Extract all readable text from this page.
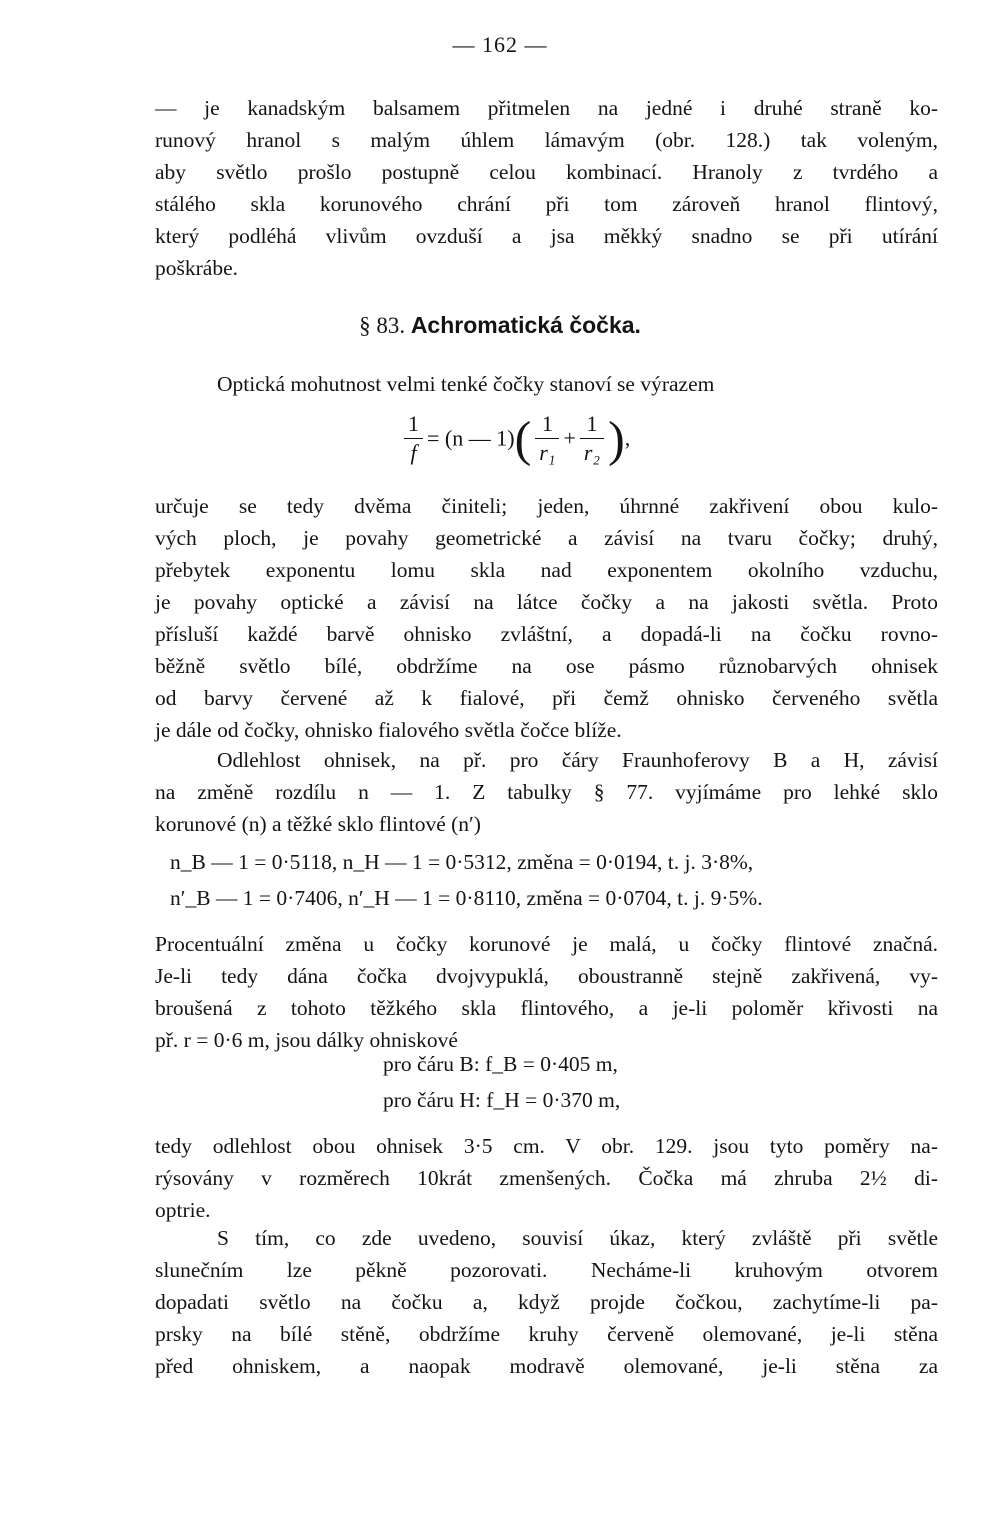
— 162 —
— je kanadským balsamem přitmelen na jedné i druhé straně ko-
runový hranol s malým úhlem lámavým (obr. 128.) tak voleným,
aby světlo prošlo postupně celou kombinací. Hranoly z tvrdého a
stálého skla korunového chrání při tom zároveň hranol flintový,
který podléhá vlivům ovzduší a jsa měkký snadno se při utírání
poškrábe.
§ 83. Achromatická čočka.
Optická mohutnost velmi tenké čočky stanoví se výrazem
$\frac{1}{f} = (n$ — $1)( \frac{1}{\text{r₁}} + \frac{1}{\text{r₂}}$ ),
určuje se tedy dvěma činiteli; jeden, úhrnné zakřivení obou kulo-
vých ploch, je povahy geometrické a závisí na tvaru čočky; druhý,
přebytek exponentu lomu skla nad exponentem okolního vzduchu,
je povahy optické a závisí na látce čočky a na jakosti světla. Proto
přísluší každé barvě ohnisko zvláštní, a dopadá-li na čočku rovno-
běžně světlo bílé, obdržíme na ose pásmo různobarvých ohnisek
od barvy červené až k fialové, při čemž ohnisko červeného světla
je dále od čočky, ohnisko fialového světla čočce blíže.
Odlehlost ohnisek, na př. pro čáry Fraunhoferovy B a H, závisí
na změně rozdílu n — 1. Z tabulky § 77. vyjímáme pro lehké sklo
korunové (n) a těžké sklo flintové (n′)
n_B — 1 = 0·5118, n_H — 1 = 0·5312, změna = 0·0194, t. j. 3·8%,
n′_B — 1 = 0·7406, n′_H — 1 = 0·8110, změna = 0·0704, t. j. 9·5%.
Procentuální změna u čočky korunové je malá, u čočky flintové značná.
Je-li tedy dána čočka dvojvypuklá, oboustranně stejně zakřivená, vy-
broušená z tohoto těžkého skla flintového, a je-li poloměr křivosti na
př. r = 0·6 m, jsou dálky ohniskové
pro čáru B: f_B = 0·405 m,
pro čáru H: f_H = 0·370 m,
tedy odlehlost obou ohnisek 3·5 cm. V obr. 129. jsou tyto poměry na-
rýsovány v rozměrech 10krát zmenšených. Čočka má zhruba 2½ di-
optrie.
S tím, co zde uvedeno, souvisí úkaz, který zvláště při světle
slunečním lze pěkně pozorovati. Necháme-li kruhovým otvorem
dopadati světlo na čočku a, když projde čočkou, zachytíme-li pa-
prsky na bílé stěně, obdržíme kruhy červeně olemované, je-li stěna
před ohniskem, a naopak modravě olemované, je-li stěna za
